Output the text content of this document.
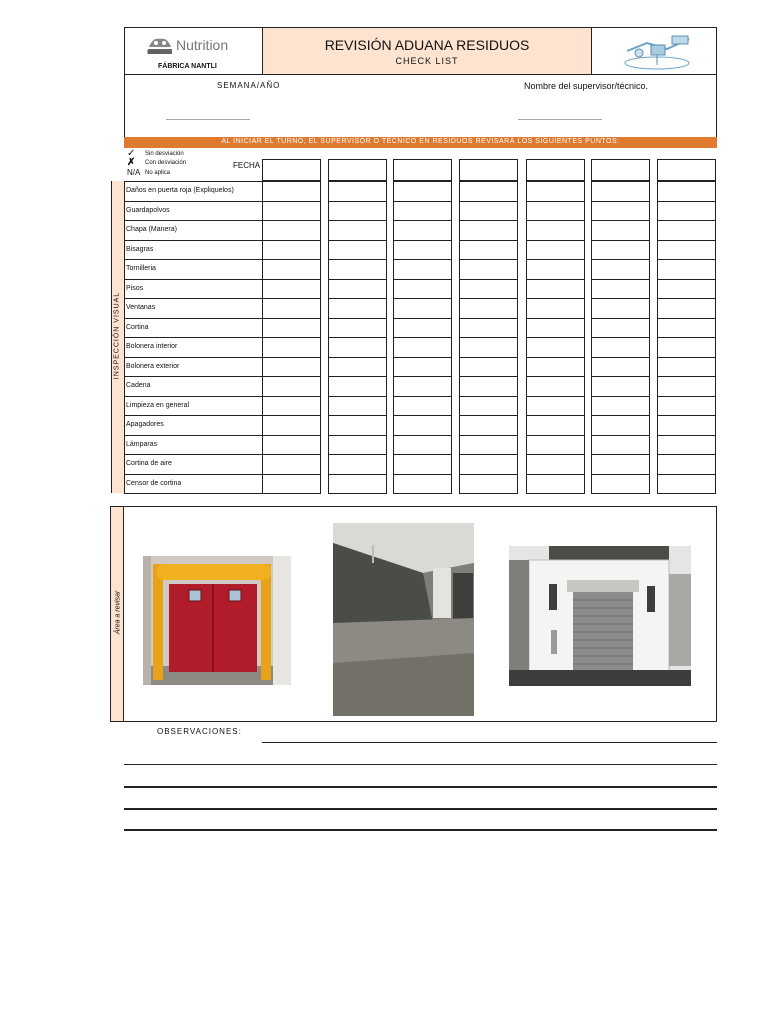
Nestlé Nutrition
FÁBRICA NANTLI
REVISIÓN ADUANA RESIDUOS
CHECK LIST
SEMANA/AÑO	Nombre del supervisor/técnico.
------------------------------------------	------------------------------------------
AL INICIAR EL TURNO, EL SUPERVISOR O TÉCNICO EN RESIDUOS REVISARÁ LOS SIGUIENTES PUNTOS:
✓ Sin desviación
✗ Con desviación
N/A No aplica
FECHA
INSPECCIÓN VISUAL
Daños en puerta roja (Expliquelos)
Guardapolvos
Chapa (Manera)
Bisagras
Tornilleria
Pisos
Ventanas
Cortina
Bolonera interior
Bolonera exterior
Cadena
Limpieza en general
Apagadores
Lámparas
Cortina de aire
Censor de cortina
Área a revisar
OBSERVACIONES:
